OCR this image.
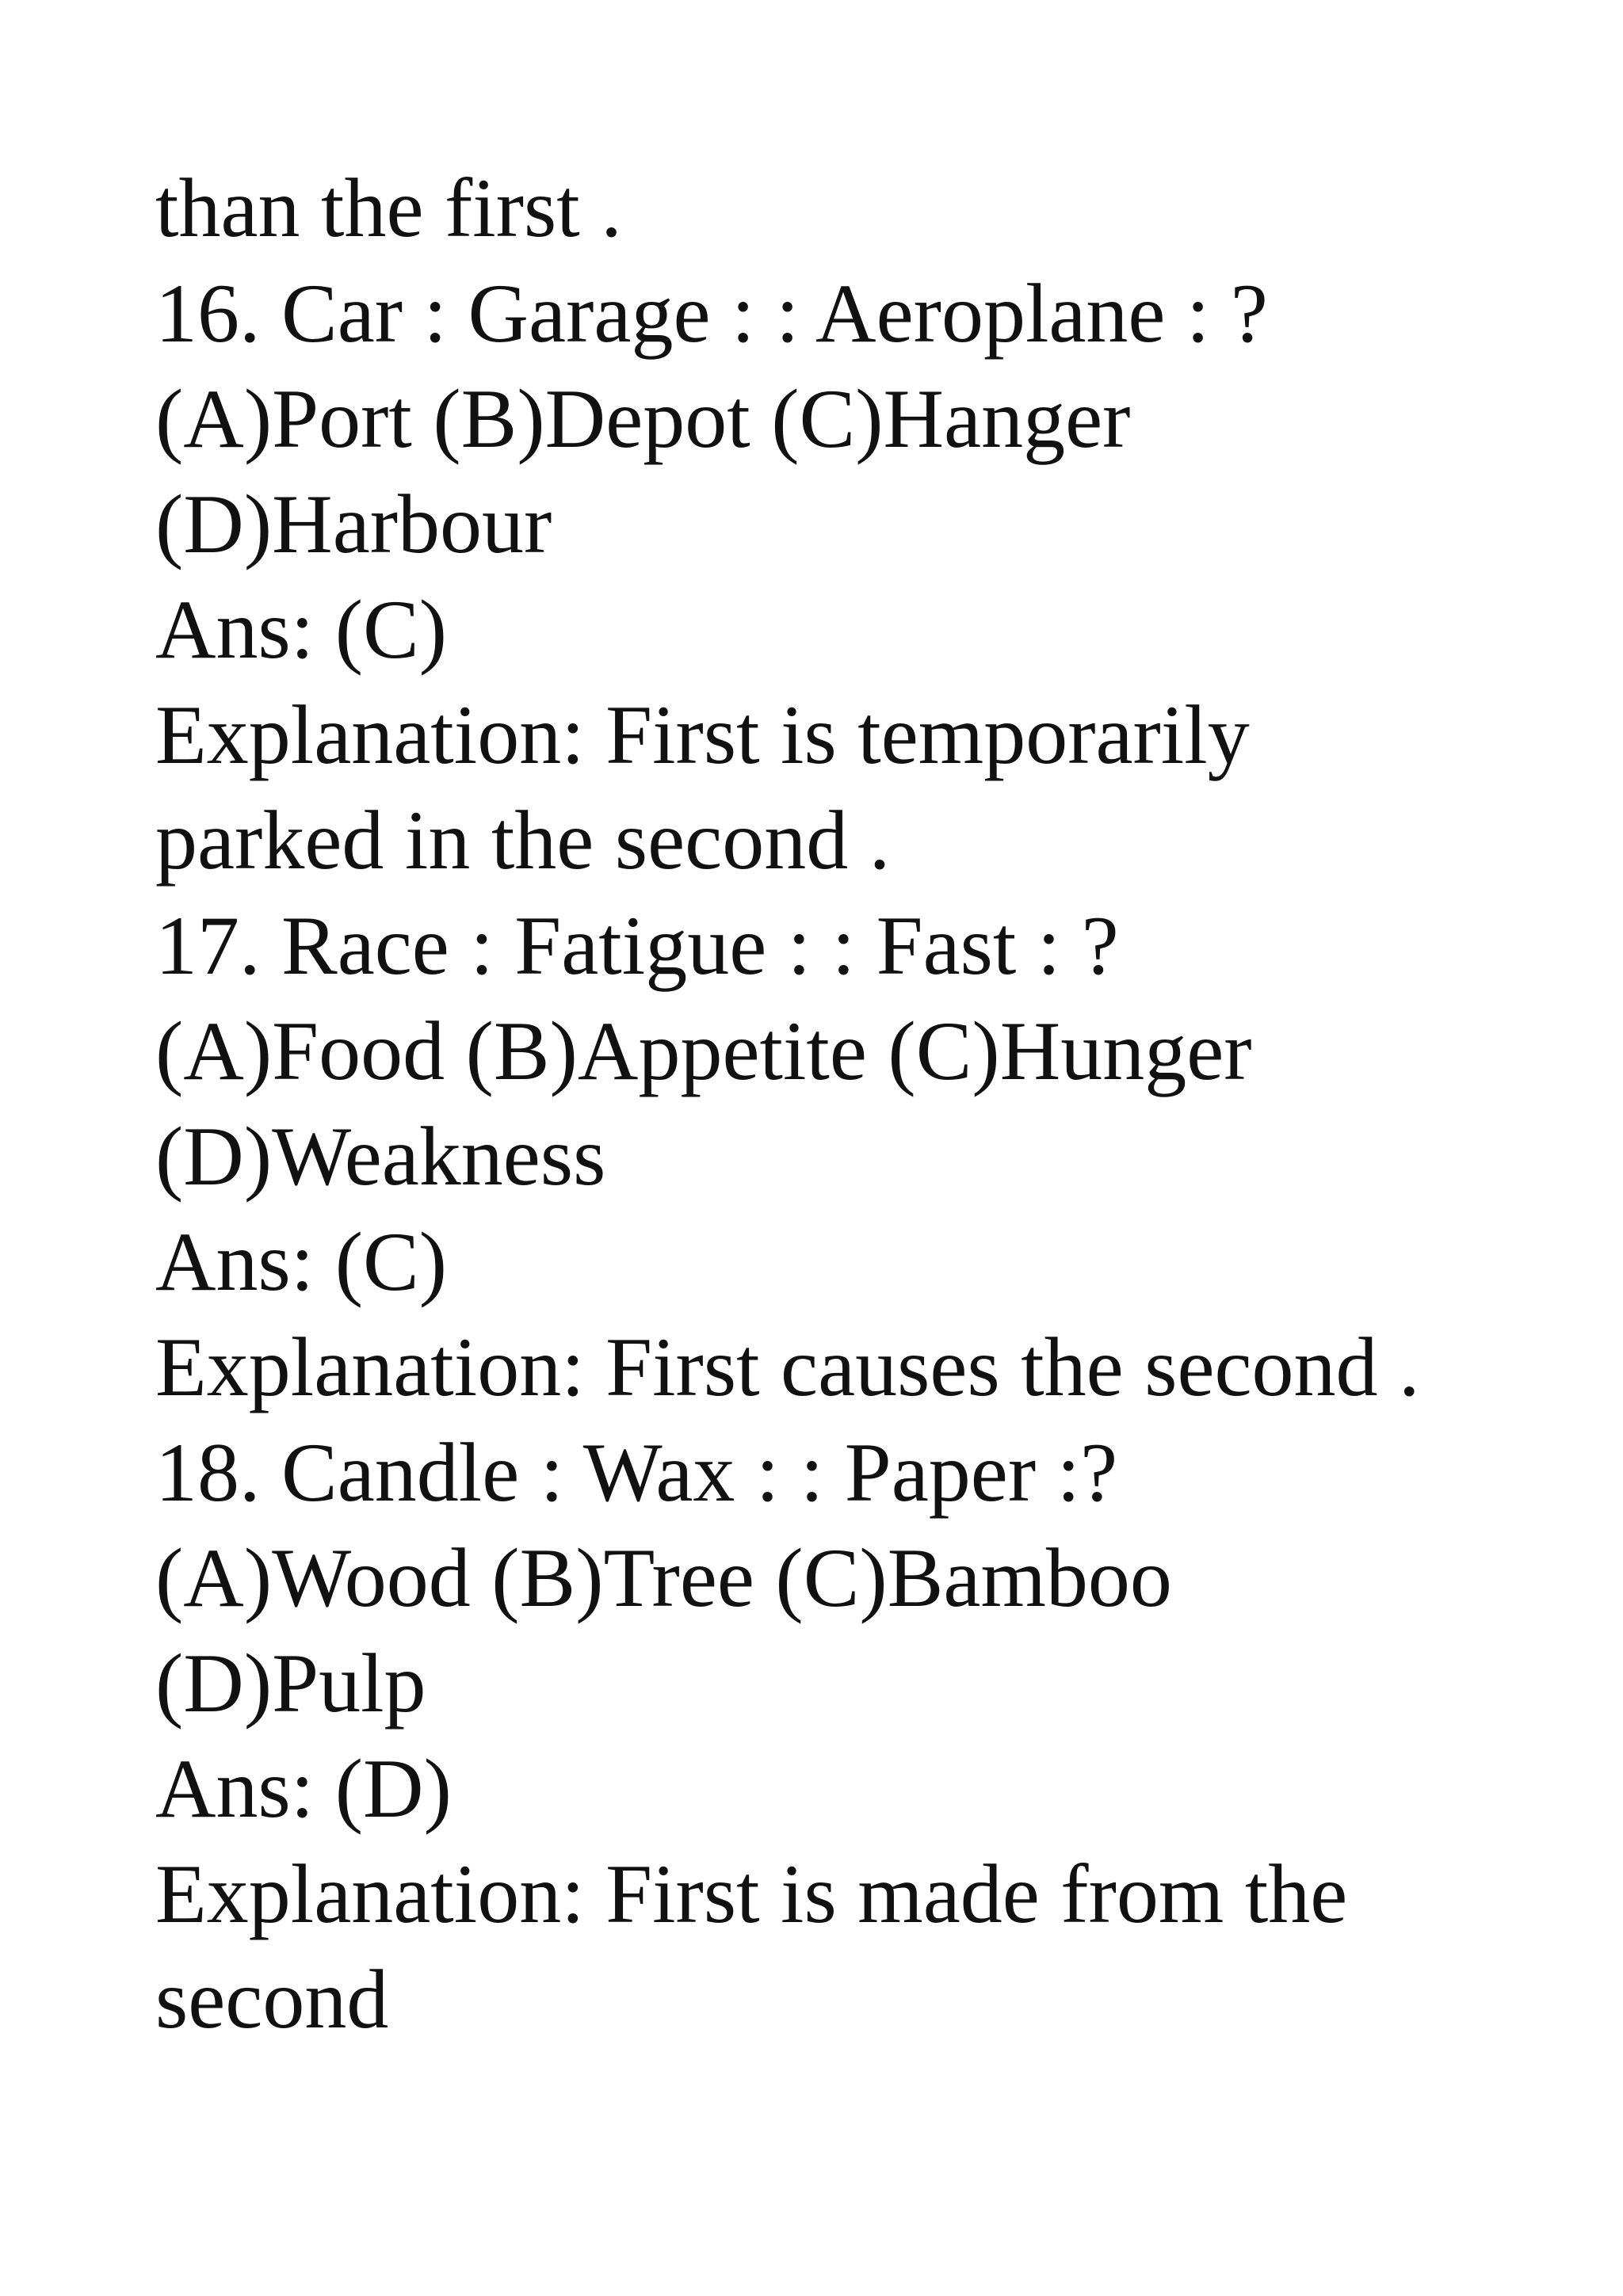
than the first .

16. Car : Garage : : Aeroplane : ?

(A)Port (B)Depot (C)Hanger

(D)Harbour

Ans: (C)

Explanation: First is temporarily

parked in the second .

17. Race : Fatigue : : Fast : ?

(A)Food (B)Appetite (C)Hunger

(D)Weakness

Ans: (C)

Explanation: First causes the second .

18. Candle : Wax : : Paper :?

(A)Wood (B)Tree (C)Bamboo

(D)Pulp

Ans: (D)

Explanation: First is made from the

second
